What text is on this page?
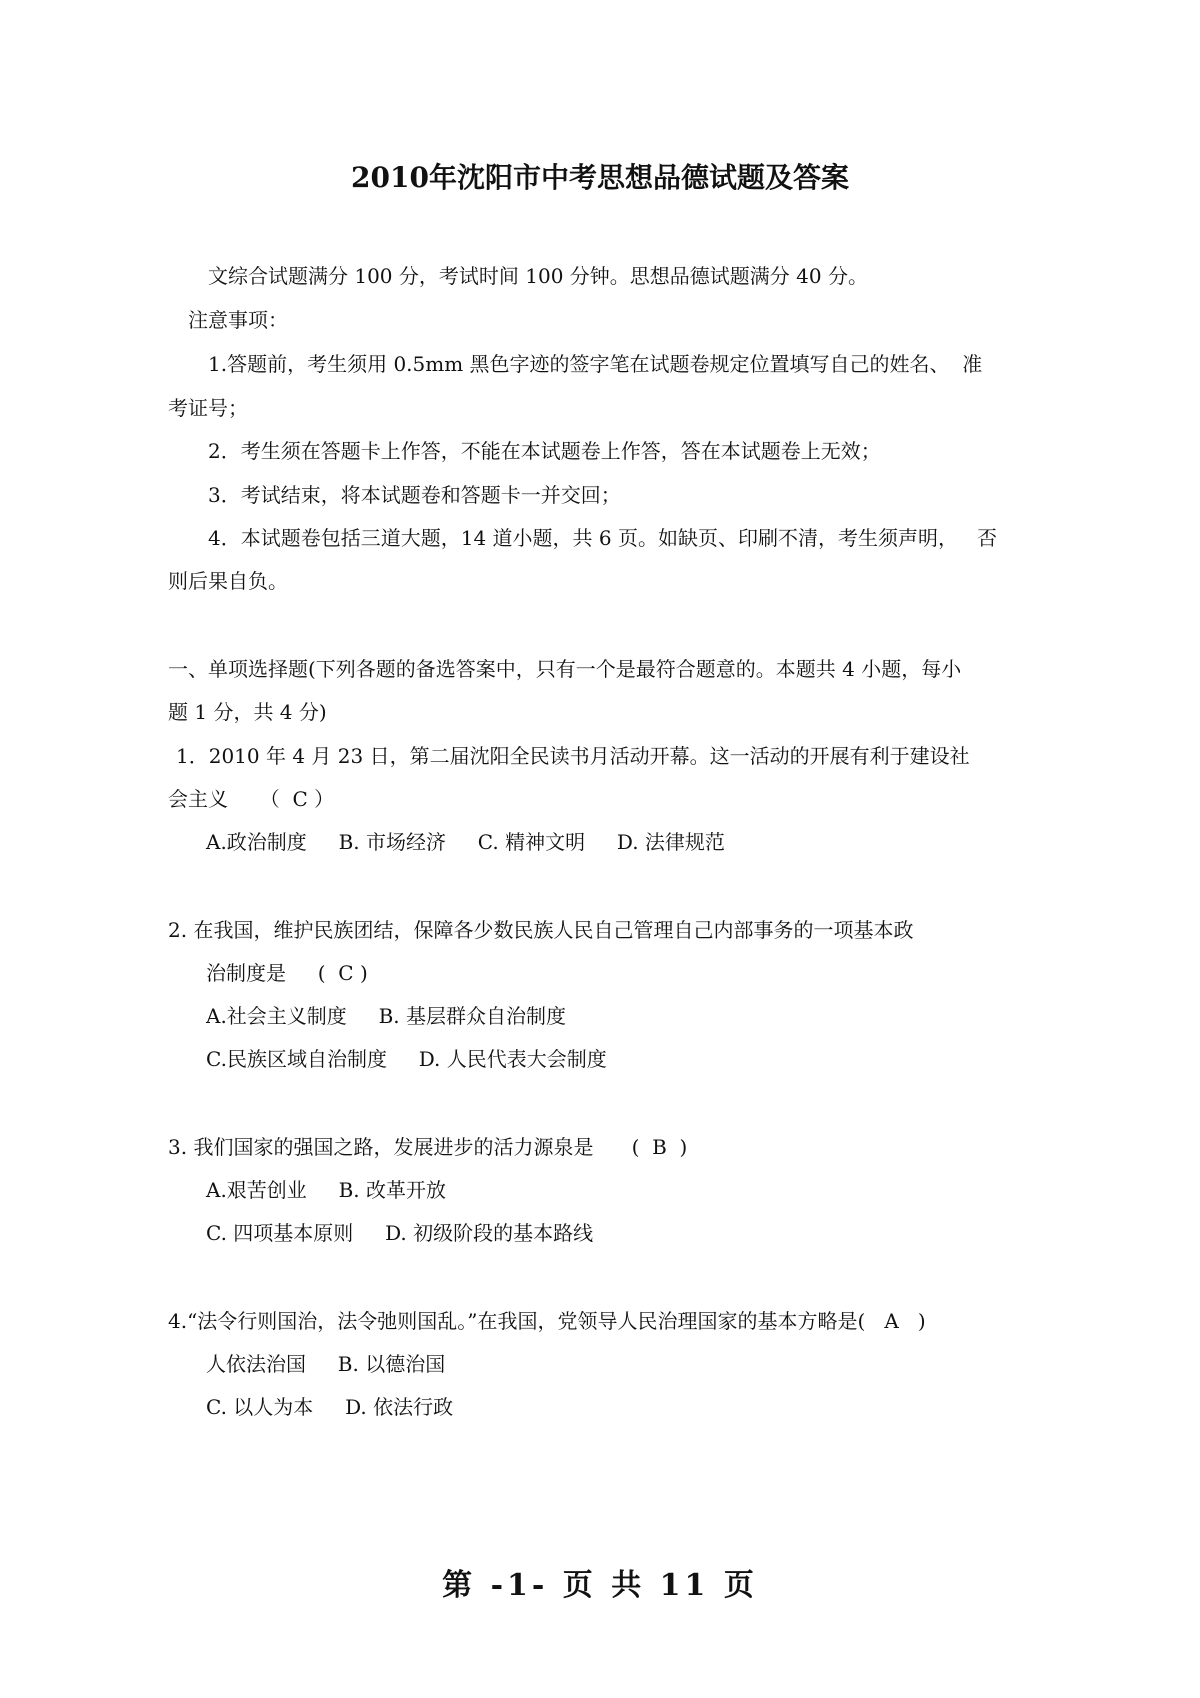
2010年沈阳市中考思想品德试题及答案
文综合试题满分 100 分，考试时间 100 分钟。思想品德试题满分 40 分。
注意事项：
1.答题前，考生须用 0.5mm 黑色字迹的签字笔在试题卷规定位置填写自己的姓名、  准
考证号；
2．考生须在答题卡上作答，不能在本试题卷上作答，答在本试题卷上无效；
3．考试结束，将本试题卷和答题卡一并交回；
4．本试题卷包括三道大题，14 道小题，共 6 页。如缺页、印刷不清，考生须声明，   否
则后果自负。
一、单项选择题(下列各题的备选答案中，只有一个是最符合题意的。本题共 4 小题，每小
题 1 分，共 4 分)
1．2010 年 4 月 23 日，第二届沈阳全民读书月活动开幕。这一活动的开展有利于建设社
会主义     （  C ）
A.政治制度     B. 市场经济     C. 精神文明     D. 法律规范
2. 在我国，维护民族团结，保障各少数民族人民自己管理自己内部事务的一项基本政
治制度是     (  C )
A.社会主义制度     B. 基层群众自治制度
C.民族区域自治制度     D. 人民代表大会制度
3. 我们国家的强国之路，发展进步的活力源泉是      (  B  )
A.艰苦创业     B. 改革开放
C. 四项基本原则     D. 初级阶段的基本路线
4.“法令行则国治，法令弛则国乱。”在我国，党领导人民治理国家的基本方略是(   A   )
人依法治国     B. 以德治国
C. 以人为本     D. 依法行政
第 -1- 页 共 11 页
